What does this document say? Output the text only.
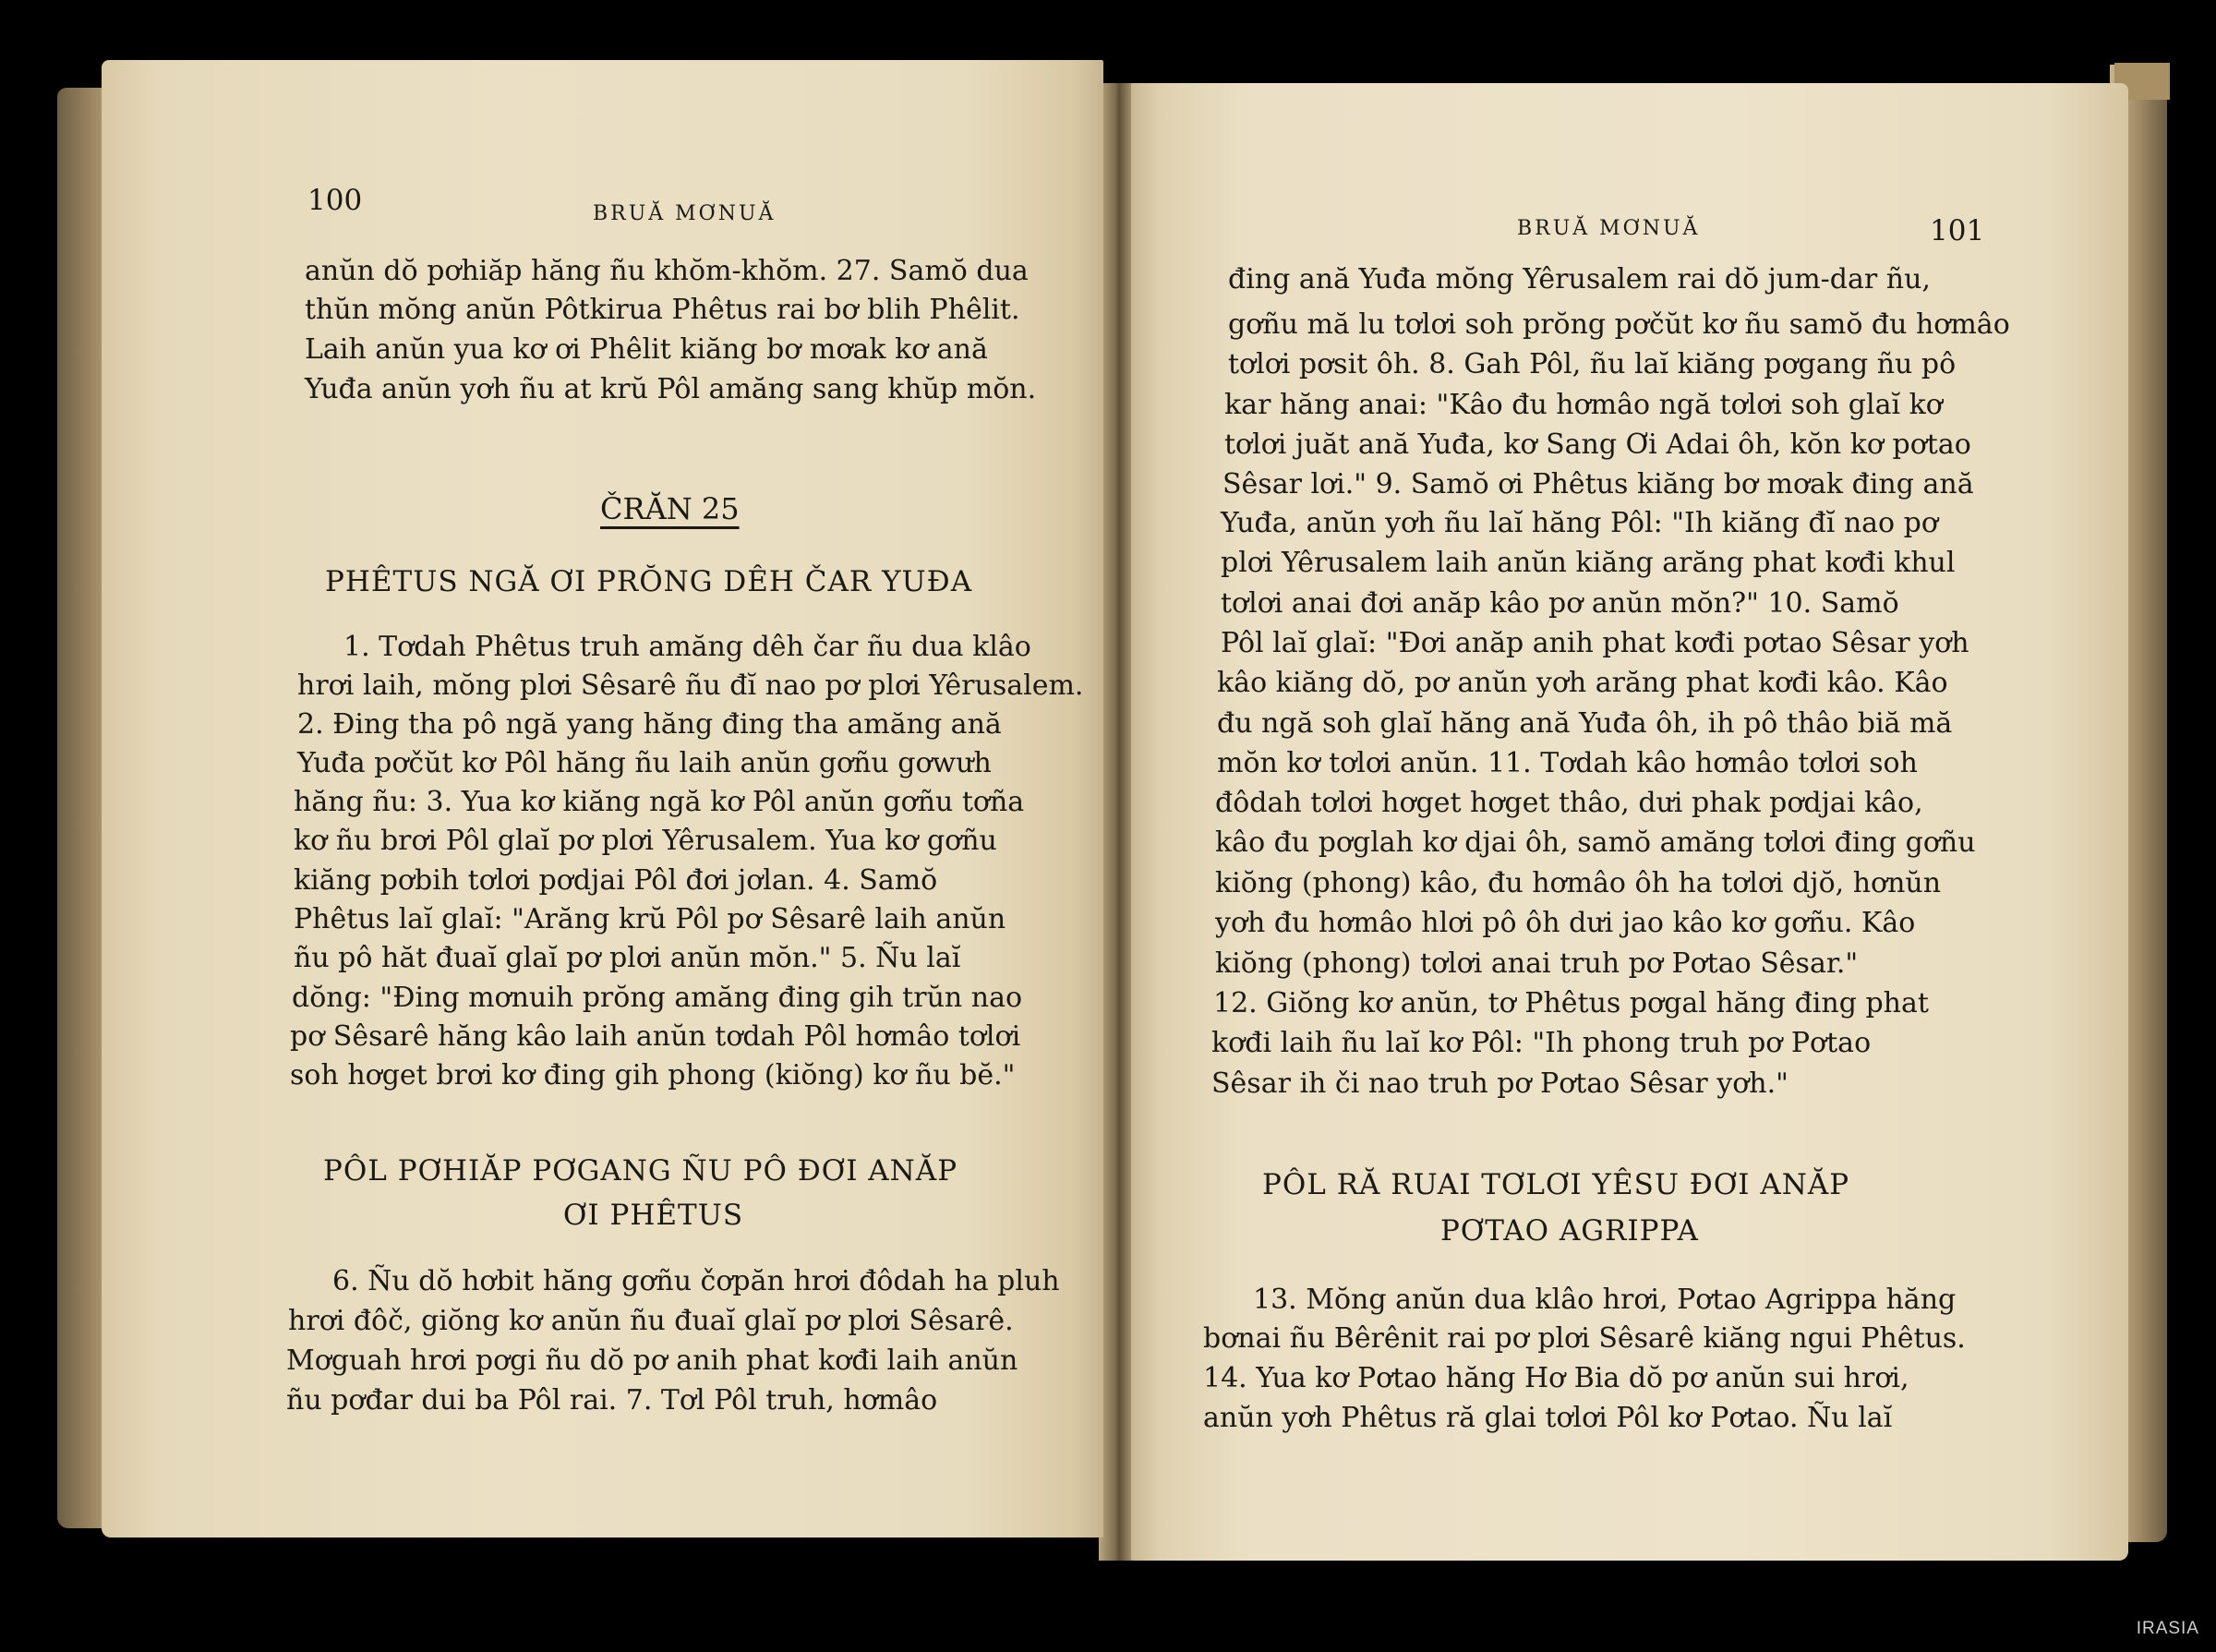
BRUĂ MƠNUĂ	101
đing ană Yuđa mŏng Yêrusalem rai dŏ jum-dar ñu,
gơñu mă lu tơlơi soh prŏng pơčŭt kơ ñu samŏ đu hơmâo
tơlơi pơsit ôh. 8. Gah Pôl, ñu laĭ kiăng pơgang ñu pô
kar hăng anai: "Kâo đu hơmâo ngă tơlơi soh glaĭ kơ
tơlơi juăt ană Yuđa, kơ Sang Ơi Adai ôh, kŏn kơ pơtao
Sêsar lơi." 9. Samŏ ơi Phêtus kiăng bơ mơak đing ană
Yuđa, anŭn yơh ñu laĭ hăng Pôl: "Ih kiăng đĭ nao pơ
plơi Yêrusalem laih anŭn kiăng arăng phat kơđi khul
tơlơi anai đơi anăp kâo pơ anŭn mŏn?" 10. Samŏ
Pôl laĭ glaĭ: "Đơi anăp anih phat kơđi pơtao Sêsar yơh
kâo kiăng dŏ, pơ anŭn yơh arăng phat kơđi kâo. Kâo
đu ngă soh glaĭ hăng ană Yuđa ôh, ih pô thâo biă mă
mŏn kơ tơlơi anŭn. 11. Tơdah kâo hơmâo tơlơi soh
đôdah tơlơi hơget hơget thâo, dưi phak pơdjai kâo,
kâo đu pơglah kơ djai ôh, samŏ amăng tơlơi đing gơñu
kiŏng (phong) kâo, đu hơmâo ôh ha tơlơi djŏ, hơnŭn
yơh đu hơmâo hlơi pô ôh dưi jao kâo kơ gơñu. Kâo
kiŏng (phong) tơlơi anai truh pơ Pơtao Sêsar."
12. Giŏng kơ anŭn, tơ Phêtus pơgal hăng đing phat
kơđi laih ñu laĭ kơ Pôl: "Ih phong truh pơ Pơtao
Sêsar ih či nao truh pơ Pơtao Sêsar yơh."
PÔL RĂ RUAI TƠLƠI YÊSU ĐƠI ANĂP
PƠTAO AGRIPPA
13. Mŏng anŭn dua klâo hrơi, Pơtao Agrippa hăng
bơnai ñu Bêrênit rai pơ plơi Sêsarê kiăng ngui Phêtus.
14. Yua kơ Pơtao hăng Hơ Bia dŏ pơ anŭn sui hrơi,
anŭn yơh Phêtus ră glai tơlơi Pôl kơ Pơtao. Ñu laĭ
100	BRUĂ MƠNUĂ
anŭn dŏ pơhiăp hăng ñu khŏm-khŏm. 27. Samŏ dua
thŭn mŏng anŭn Pôtkirua Phêtus rai bơ blih Phêlit.
Laih anŭn yua kơ ơi Phêlit kiăng bơ mơak kơ ană
Yuđa anŭn yơh ñu at krŭ Pôl amăng sang khŭp mŏn.
ČRĂN 25
PHÊTUS NGĂ ƠI PRŎNG DÊH ČAR YUĐA
1. Tơdah Phêtus truh amăng dêh čar ñu dua klâo
hrơi laih, mŏng plơi Sêsarê ñu đĭ nao pơ plơi Yêrusalem.
2. Đing tha pô ngă yang hăng đing tha amăng ană
Yuđa pơčŭt kơ Pôl hăng ñu laih anŭn gơñu gơwưh
hăng ñu: 3. Yua kơ kiăng ngă kơ Pôl anŭn gơñu tơña
kơ ñu brơi Pôl glaĭ pơ plơi Yêrusalem. Yua kơ gơñu
kiăng pơbih tơlơi pơdjai Pôl đơi jơlan. 4. Samŏ
Phêtus laĭ glaĭ: "Arăng krŭ Pôl pơ Sêsarê laih anŭn
ñu pô hăt đuaĭ glaĭ pơ plơi anŭn mŏn." 5. Ñu laĭ
dŏng: "Đing mơnuih prŏng amăng đing gih trŭn nao
pơ Sêsarê hăng kâo laih anŭn tơdah Pôl hơmâo tơlơi
soh hơget brơi kơ đing gih phong (kiŏng) kơ ñu bĕ."
PÔL PƠHIĂP PƠGANG ÑU PÔ ĐƠI ANĂP
ƠI PHÊTUS
6. Ñu dŏ hơbit hăng gơñu čơpăn hrơi đôdah ha pluh
hrơi đôč, giŏng kơ anŭn ñu đuaĭ glaĭ pơ plơi Sêsarê.
Mơguah hrơi pơgi ñu dŏ pơ anih phat kơđi laih anŭn
ñu pơđar dui ba Pôl rai. 7. Tơl Pôl truh, hơmâo
IRASIA
